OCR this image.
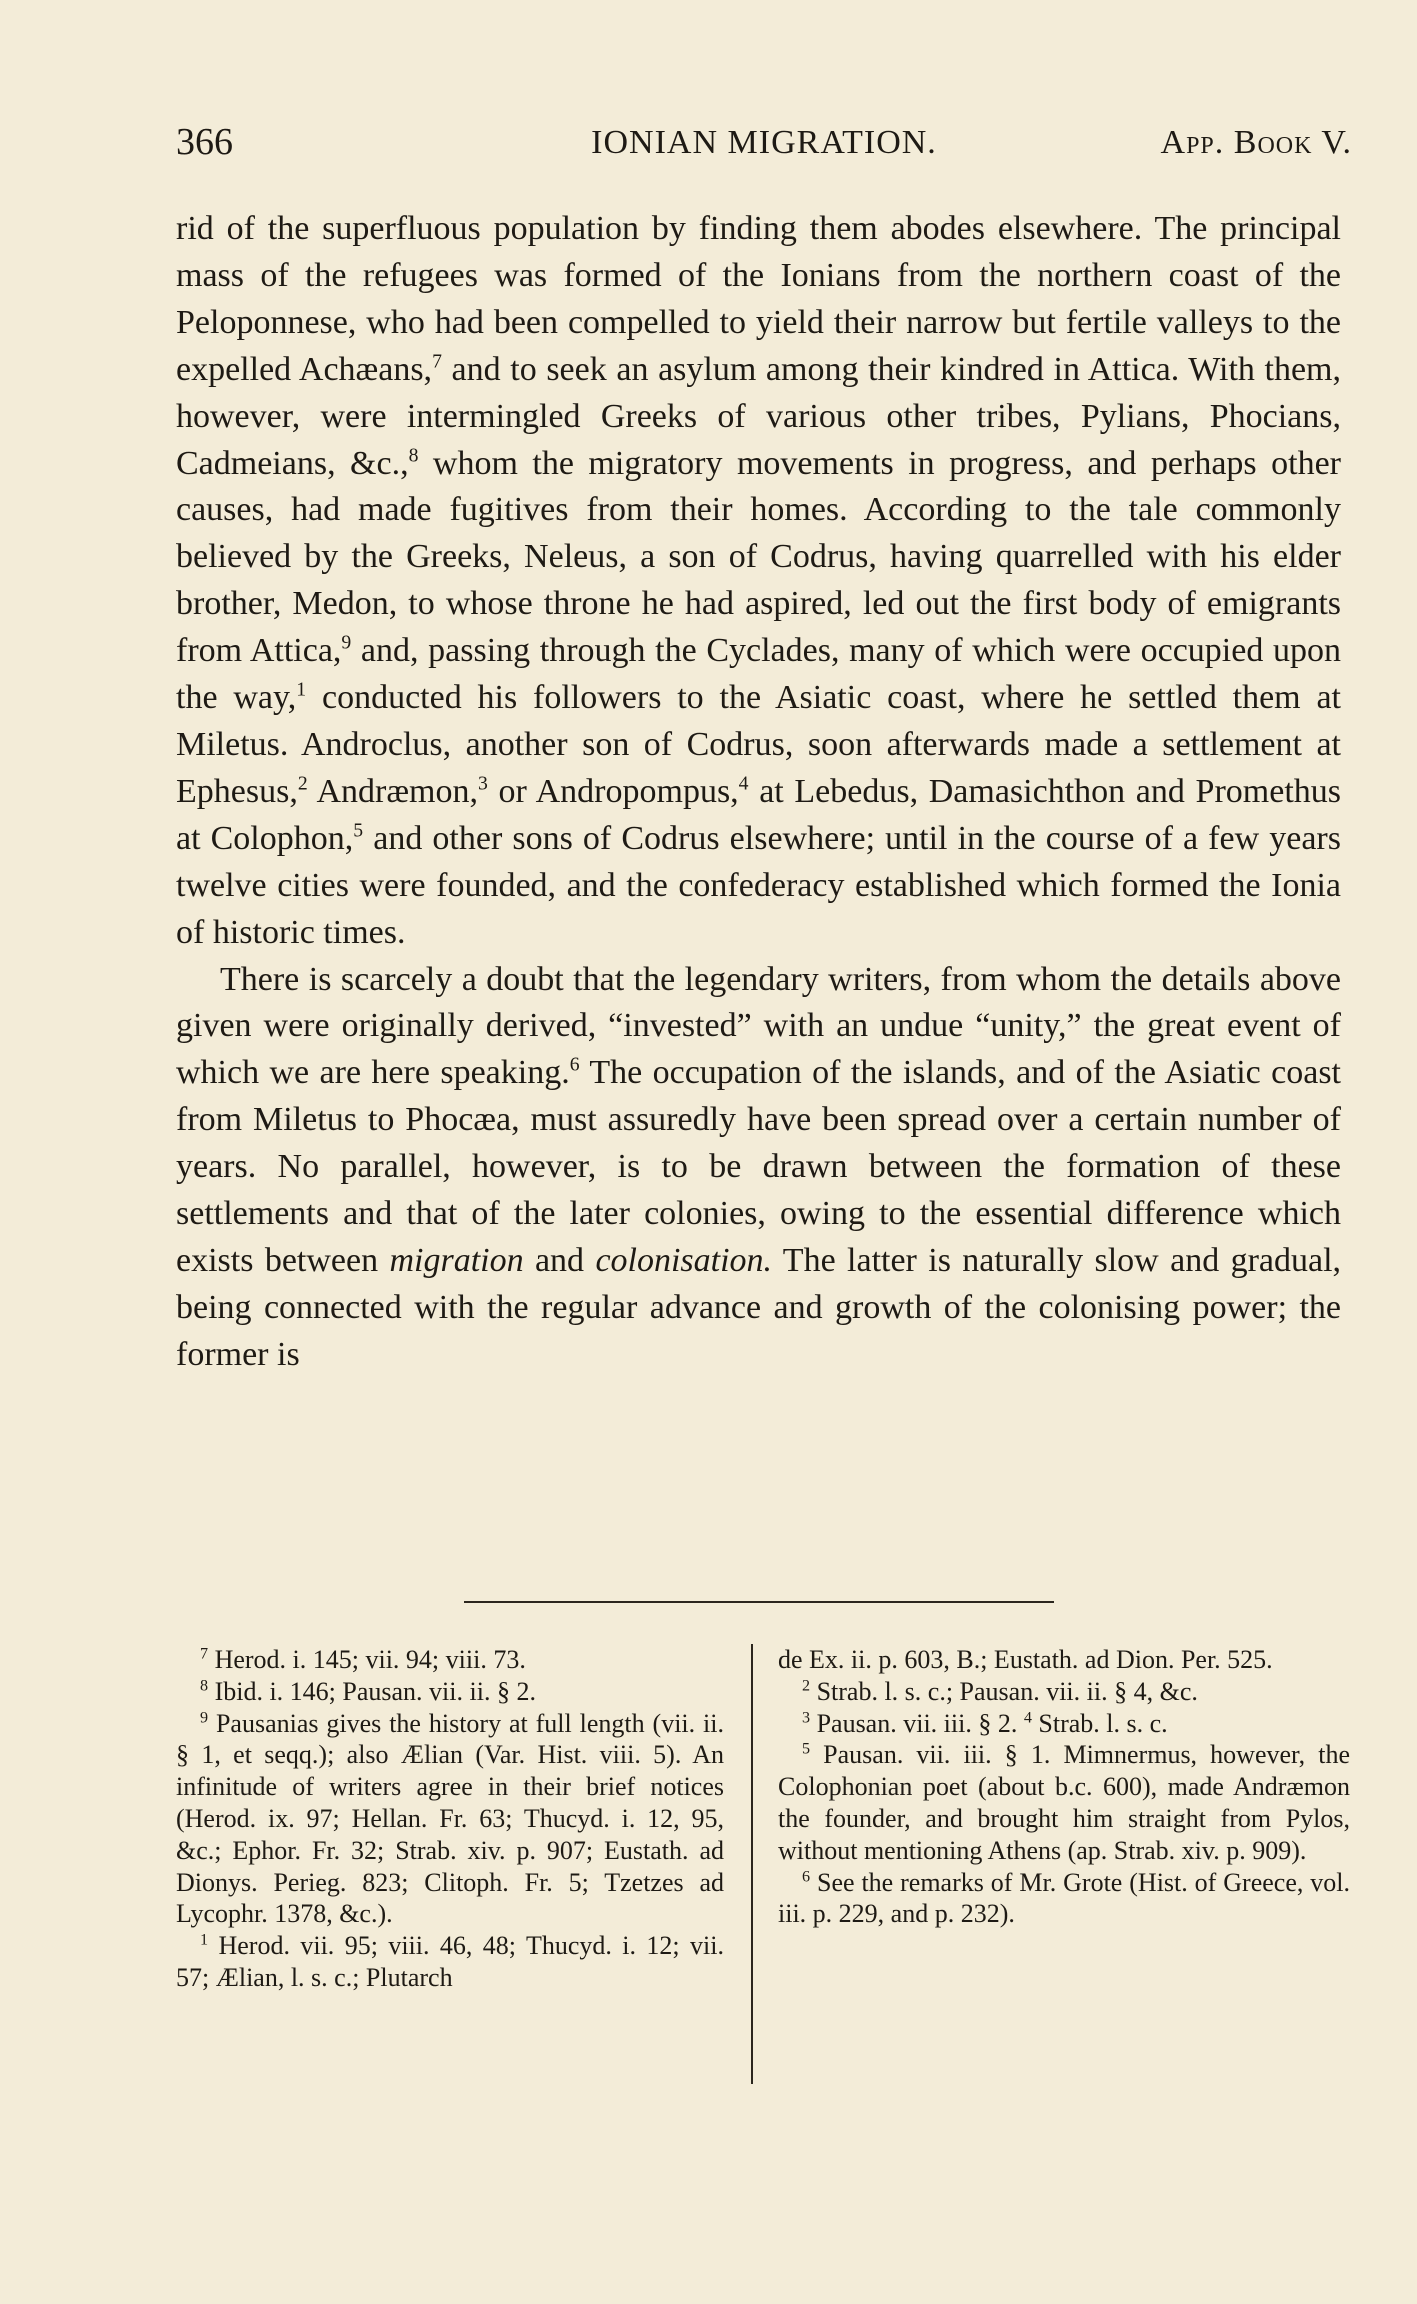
366	IONIAN MIGRATION.	App. Book V.

rid of the superfluous population by finding them abodes elsewhere. The principal mass of the refugees was formed of the Ionians from the northern coast of the Peloponnese, who had been compelled to yield their narrow but fertile valleys to the expelled Achæans,$^7$ and to seek an asylum among their kindred in Attica. With them, however, were intermingled Greeks of various other tribes, Pylians, Phocians, Cadmeians, &c.,$^8$ whom the migratory movements in progress, and perhaps other causes, had made fugitives from their homes. According to the tale commonly believed by the Greeks, Neleus, a son of Codrus, having quarrelled with his elder brother, Medon, to whose throne he had aspired, led out the first body of emigrants from Attica,$^9$ and, passing through the Cyclades, many of which were occupied upon the way,$^1$ conducted his followers to the Asiatic coast, where he settled them at Miletus. Androclus, another son of Codrus, soon afterwards made a settlement at Ephesus,$^2$ Andræmon,$^3$ or Andropompus,$^4$ at Lebedus, Damasichthon and Promethus at Colophon,$^5$ and other sons of Codrus elsewhere; until in the course of a few years twelve cities were founded, and the confederacy established which formed the Ionia of historic times.

There is scarcely a doubt that the legendary writers, from whom the details above given were originally derived, “invested” with an undue “unity,” the great event of which we are here speaking.$^6$ The occupation of the islands, and of the Asiatic coast from Miletus to Phocæa, must assuredly have been spread over a certain number of years. No parallel, however, is to be drawn between the formation of these settlements and that of the later colonies, owing to the essential difference which exists between migration and colonisation. The latter is naturally slow and gradual, being connected with the regular advance and growth of the colonising power; the former is

$^7$ Herod. i. 145; vii. 94; viii. 73.

$^8$ Ibid. i. 146; Pausan. vii. ii. § 2.

$^9$ Pausanias gives the history at full length (vii. ii. § 1, et seqq.); also Ælian (Var. Hist. viii. 5). An infinitude of writers agree in their brief notices (Herod. ix. 97; Hellan. Fr. 63; Thucyd. i. 12, 95, &c.; Ephor. Fr. 32; Strab. xiv. p. 907; Eustath. ad Dionys. Perieg. 823; Clitoph. Fr. 5; Tzetzes ad Lycophr. 1378, &c.).

$^1$ Herod. vii. 95; viii. 46, 48; Thucyd. i. 12; vii. 57; Ælian, l. s. c.; Plutarch

de Ex. ii. p. 603, B.; Eustath. ad Dion. Per. 525.

$^2$ Strab. l. s. c.; Pausan. vii. ii. § 4, &c.

$^3$ Pausan. vii. iii. § 2. $^4$ Strab. l. s. c.

$^5$ Pausan. vii. iii. § 1. Mimnermus, however, the Colophonian poet (about b.c. 600), made Andræmon the founder, and brought him straight from Pylos, without mentioning Athens (ap. Strab. xiv. p. 909).

$^6$ See the remarks of Mr. Grote (Hist. of Greece, vol. iii. p. 229, and p. 232).
